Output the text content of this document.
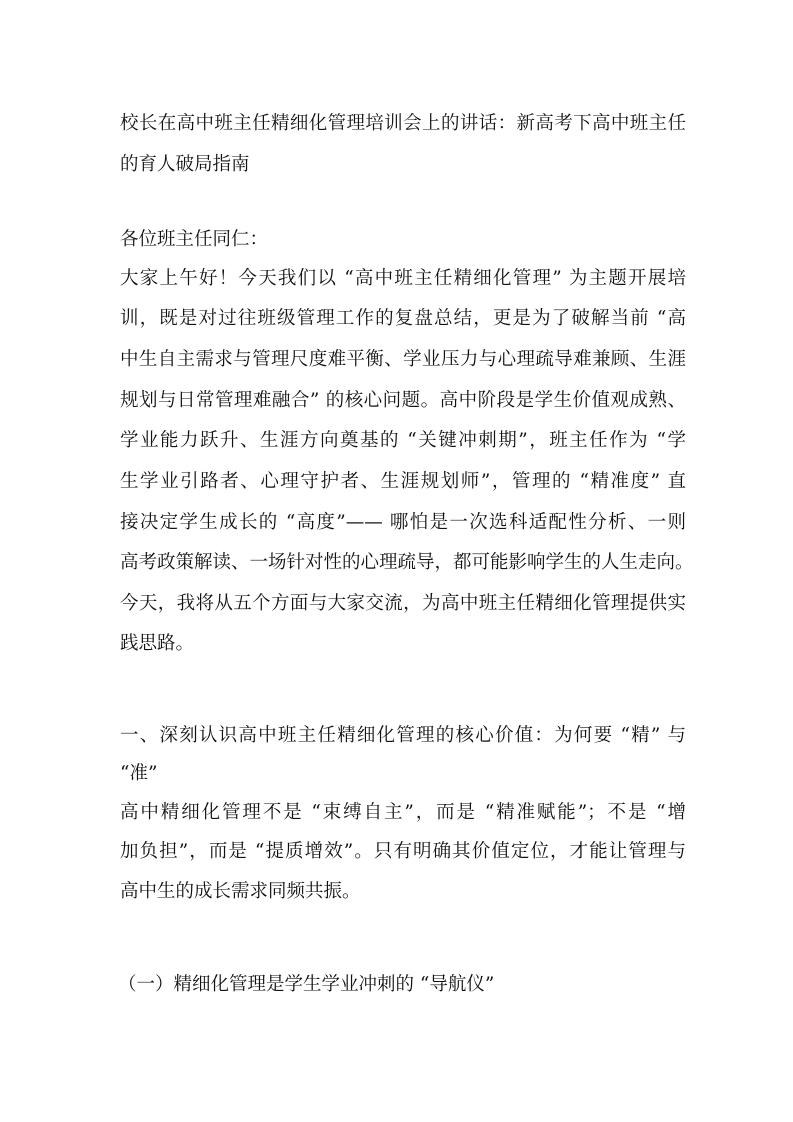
校长在高中班主任精细化管理培训会上的讲话：新高考下高中班主任
的育人破局指南
各位班主任同仁：
大家上午好！今天我们以 “高中班主任精细化管理” 为主题开展培
训，既是对过往班级管理工作的复盘总结，更是为了破解当前 “高
中生自主需求与管理尺度难平衡、学业压力与心理疏导难兼顾、生涯
规划与日常管理难融合” 的核心问题。高中阶段是学生价值观成熟、
学业能力跃升、生涯方向奠基的 “关键冲刺期”，班主任作为 “学
生学业引路者、心理守护者、生涯规划师”，管理的 “精准度” 直
接决定学生成长的 “高度”—— 哪怕是一次选科适配性分析、一则
高考政策解读、一场针对性的心理疏导，都可能影响学生的人生走向。
今天，我将从五个方面与大家交流，为高中班主任精细化管理提供实
践思路。
一、深刻认识高中班主任精细化管理的核心价值：为何要 “精” 与
“准”
高中精细化管理不是 “束缚自主”，而是 “精准赋能”；不是 “增
加负担”，而是 “提质增效”。只有明确其价值定位，才能让管理与
高中生的成长需求同频共振。
（一）精细化管理是学生学业冲刺的 “导航仪”
